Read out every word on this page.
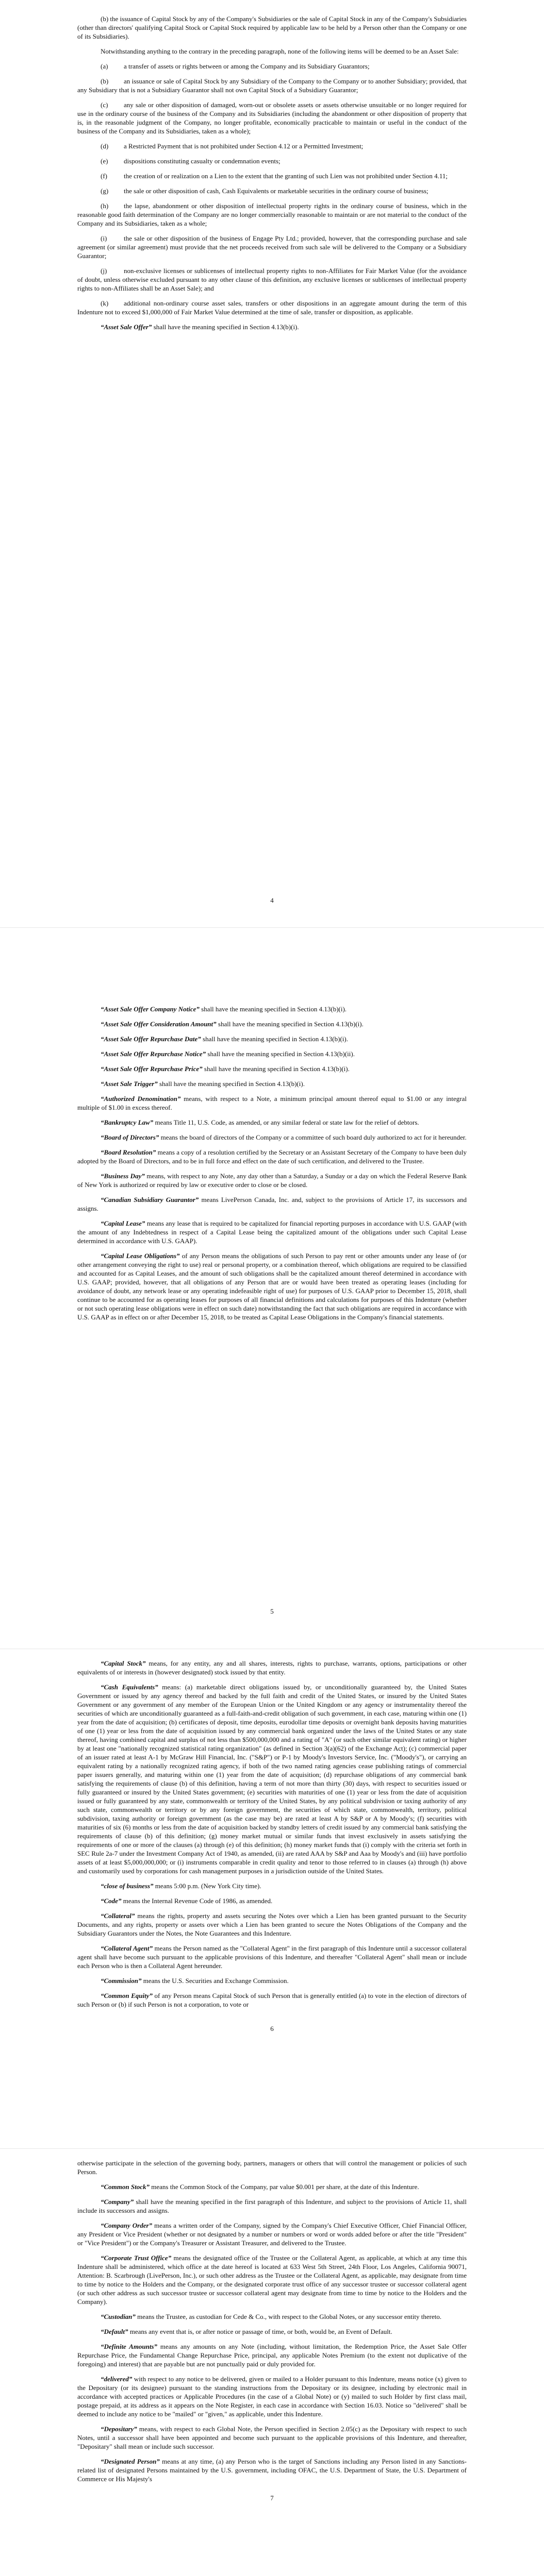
(b) the issuance of Capital Stock by any of the Company's Subsidiaries or the sale of Capital Stock in any of the Company's Subsidiaries (other than directors' qualifying Capital Stock or Capital Stock required by applicable law to be held by a Person other than the Company or one of its Subsidiaries).

Notwithstanding anything to the contrary in the preceding paragraph, none of the following items will be deemed to be an Asset Sale:

(a) a transfer of assets or rights between or among the Company and its Subsidiary Guarantors;

(b) an issuance or sale of Capital Stock by any Subsidiary of the Company to the Company or to another Subsidiary; provided, that any Subsidiary that is not a Subsidiary Guarantor shall not own Capital Stock of a Subsidiary Guarantor;

(c) any sale or other disposition of damaged, worn-out or obsolete assets or assets otherwise unsuitable or no longer required for use in the ordinary course of the business of the Company and its Subsidiaries (including the abandonment or other disposition of property that is, in the reasonable judgment of the Company, no longer profitable, economically practicable to maintain or useful in the conduct of the business of the Company and its Subsidiaries, taken as a whole);

(d) a Restricted Payment that is not prohibited under Section 4.12 or a Permitted Investment;

(e) dispositions constituting casualty or condemnation events;

(f) the creation of or realization on a Lien to the extent that the granting of such Lien was not prohibited under Section 4.11;

(g) the sale or other disposition of cash, Cash Equivalents or marketable securities in the ordinary course of business;

(h) the lapse, abandonment or other disposition of intellectual property rights in the ordinary course of business, which in the reasonable good faith determination of the Company are no longer commercially reasonable to maintain or are not material to the conduct of the Company and its Subsidiaries, taken as a whole;

(i)	the sale or other disposition of the business of Engage Pty Ltd.; provided, however, that the corresponding purchase and sale agreement (or similar agreement) must provide that the net proceeds received from such sale will be delivered to the Company or a Subsidiary Guarantor;

(j)	non-exclusive licenses or sublicenses of intellectual property rights to non-Affiliates for Fair Market Value (for the avoidance of doubt, unless otherwise excluded pursuant to any other clause of this definition, any exclusive licenses or sublicenses of intellectual property rights to non-Affiliates shall be an Asset Sale); and

(k) additional non-ordinary course asset sales, transfers or other dispositions in an aggregate amount during the term of this Indenture not to exceed $1,000,000 of Fair Market Value determined at the time of sale, transfer or disposition, as applicable.

“Asset Sale Offer” shall have the meaning specified in Section 4.13(b)(i).

4

“Asset Sale Offer Company Notice” shall have the meaning specified in Section 4.13(b)(i).

“Asset Sale Offer Consideration Amount” shall have the meaning specified in Section 4.13(b)(i).

“Asset Sale Offer Repurchase Date” shall have the meaning specified in Section 4.13(b)(i).

“Asset Sale Offer Repurchase Notice” shall have the meaning specified in Section 4.13(b)(ii).

“Asset Sale Offer Repurchase Price” shall have the meaning specified in Section 4.13(b)(i).

“Asset Sale Trigger” shall have the meaning specified in Section 4.13(b)(i).

“Authorized Denomination” means, with respect to a Note, a minimum principal amount thereof equal to $1.00 or any integral multiple of $1.00 in excess thereof.

“Bankruptcy Law” means Title 11, U.S. Code, as amended, or any similar federal or state law for the relief of debtors.

“Board of Directors” means the board of directors of the Company or a committee of such board duly authorized to act for it hereunder.

“Board Resolution” means a copy of a resolution certified by the Secretary or an Assistant Secretary of the Company to have been duly adopted by the Board of Directors, and to be in full force and effect on the date of such certification, and delivered to the Trustee.

“Business Day” means, with respect to any Note, any day other than a Saturday, a Sunday or a day on which the Federal Reserve Bank of New York is authorized or required by law or executive order to close or be closed.

“Canadian Subsidiary Guarantor” means LivePerson Canada, Inc. and, subject to the provisions of Article 17, its successors and assigns.

“Capital Lease” means any lease that is required to be capitalized for financial reporting purposes in accordance with U.S. GAAP (with the amount of any Indebtedness in respect of a Capital Lease being the capitalized amount of the obligations under such Capital Lease determined in accordance with U.S. GAAP).

“Capital Lease Obligations” of any Person means the obligations of such Person to pay rent or other amounts under any lease of (or other arrangement conveying the right to use) real or personal property, or a combination thereof, which obligations are required to be classified and accounted for as Capital Leases, and the amount of such obligations shall be the capitalized amount thereof determined in accordance with U.S. GAAP; provided, however, that all obligations of any Person that are or would have been treated as operating leases (including for avoidance of doubt, any network lease or any operating indefeasible right of use) for purposes of U.S. GAAP prior to December 15, 2018, shall continue to be accounted for as operating leases for purposes of all financial definitions and calculations for purposes of this Indenture (whether or not such operating lease obligations were in effect on such date) notwithstanding the fact that such obligations are required in accordance with U.S. GAAP as in effect on or after December 15, 2018, to be treated as Capital Lease Obligations in the Company's financial statements.

5

“Capital Stock” means, for any entity, any and all shares, interests, rights to purchase, warrants, options, participations or other equivalents of or interests in (however designated) stock issued by that entity.

“Cash Equivalents” means: (a) marketable direct obligations issued by, or unconditionally guaranteed by, the United States Government or issued by any agency thereof and backed by the full faith and credit of the United States, or insured by the United States Government or any government of any member of the European Union or the United Kingdom or any agency or instrumentality thereof the securities of which are unconditionally guaranteed as a full-faith-and-credit obligation of such government, in each case, maturing within one (1) year from the date of acquisition; (b) certificates of deposit, time deposits, eurodollar time deposits or overnight bank deposits having maturities of one (1) year or less from the date of acquisition issued by any commercial bank organized under the laws of the United States or any state thereof, having combined capital and surplus of not less than $500,000,000 and a rating of "A" (or such other similar equivalent rating) or higher by at least one "nationally recognized statistical rating organization" (as defined in Section 3(a)(62) of the Exchange Act); (c) commercial paper of an issuer rated at least A-1 by McGraw Hill Financial, Inc. ("S&P") or P-1 by Moody's Investors Service, Inc. ("Moody's"), or carrying an equivalent rating by a nationally recognized rating agency, if both of the two named rating agencies cease publishing ratings of commercial paper issuers generally, and maturing within one (1) year from the date of acquisition; (d) repurchase obligations of any commercial bank satisfying the requirements of clause (b) of this definition, having a term of not more than thirty (30) days, with respect to securities issued or fully guaranteed or insured by the United States government; (e) securities with maturities of one (1) year or less from the date of acquisition issued or fully guaranteed by any state, commonwealth or territory of the United States, by any political subdivision or taxing authority of any such state, commonwealth or territory or by any foreign government, the securities of which state, commonwealth, territory, political subdivision, taxing authority or foreign government (as the case may be) are rated at least A by S&P or A by Moody's; (f) securities with maturities of six (6) months or less from the date of acquisition backed by standby letters of credit issued by any commercial bank satisfying the requirements of clause (b) of this definition; (g) money market mutual or similar funds that invest exclusively in assets satisfying the requirements of one or more of the clauses (a) through (e) of this definition; (h) money market funds that (i) comply with the criteria set forth in SEC Rule 2a-7 under the Investment Company Act of 1940, as amended, (ii) are rated AAA by S&P and Aaa by Moody's and (iii) have portfolio assets of at least $5,000,000,000; or (i) instruments comparable in credit quality and tenor to those referred to in clauses (a) through (h) above and customarily used by corporations for cash management purposes in a jurisdiction outside of the United States.

“close of business” means 5:00 p.m. (New York City time).

“Code” means the Internal Revenue Code of 1986, as amended.

“Collateral” means the rights, property and assets securing the Notes over which a Lien has been granted pursuant to the Security Documents, and any rights, property or assets over which a Lien has been granted to secure the Notes Obligations of the Company and the Subsidiary Guarantors under the Notes, the Note Guarantees and this Indenture.

“Collateral Agent” means the Person named as the "Collateral Agent" in the first paragraph of this Indenture until a successor collateral agent shall have become such pursuant to the applicable provisions of this Indenture, and thereafter "Collateral Agent" shall mean or include each Person who is then a Collateral Agent hereunder.

“Commission” means the U.S. Securities and Exchange Commission.

“Common Equity” of any Person means Capital Stock of such Person that is generally entitled (a) to vote in the election of directors of such Person or (b) if such Person is not a corporation, to vote or

6

otherwise participate in the selection of the governing body, partners, managers or others that will control the management or policies of such Person.

“Common Stock” means the Common Stock of the Company, par value $0.001 per share, at the date of this Indenture.

“Company” shall have the meaning specified in the first paragraph of this Indenture, and subject to the provisions of Article 11, shall include its successors and assigns.

“Company Order” means a written order of the Company, signed by the Company's Chief Executive Officer, Chief Financial Officer, any President or Vice President (whether or not designated by a number or numbers or word or words added before or after the title "President" or "Vice President") or the Company's Treasurer or Assistant Treasurer, and delivered to the Trustee.

“Corporate Trust Office” means the designated office of the Trustee or the Collateral Agent, as applicable, at which at any time this Indenture shall be administered, which office at the date hereof is located at 633 West 5th Street, 24th Floor, Los Angeles, California 90071, Attention: B. Scarbrough (LivePerson, Inc.), or such other address as the Trustee or the Collateral Agent, as applicable, may designate from time to time by notice to the Holders and the Company, or the designated corporate trust office of any successor trustee or successor collateral agent (or such other address as such successor trustee or successor collateral agent may designate from time to time by notice to the Holders and the Company).

“Custodian” means the Trustee, as custodian for Cede & Co., with respect to the Global Notes, or any successor entity thereto.

“Default” means any event that is, or after notice or passage of time, or both, would be, an Event of Default.

“Definite Amounts” means any amounts on any Note (including, without limitation, the Redemption Price, the Asset Sale Offer Repurchase Price, the Fundamental Change Repurchase Price, principal, any applicable Notes Premium (to the extent not duplicative of the foregoing) and interest) that are payable but are not punctually paid or duly provided for.

“delivered” with respect to any notice to be delivered, given or mailed to a Holder pursuant to this Indenture, means notice (x) given to the Depositary (or its designee) pursuant to the standing instructions from the Depositary or its designee, including by electronic mail in accordance with accepted practices or Applicable Procedures (in the case of a Global Note) or (y) mailed to such Holder by first class mail, postage prepaid, at its address as it appears on the Note Register, in each case in accordance with Section 16.03. Notice so "delivered" shall be deemed to include any notice to be "mailed" or "given," as applicable, under this Indenture.

“Depositary” means, with respect to each Global Note, the Person specified in Section 2.05(c) as the Depositary with respect to such Notes, until a successor shall have been appointed and become such pursuant to the applicable provisions of this Indenture, and thereafter, "Depositary" shall mean or include such successor.

“Designated Person” means at any time, (a) any Person who is the target of Sanctions including any Person listed in any Sanctions-related list of designated Persons maintained by the U.S. government, including OFAC, the U.S. Department of State, the U.S. Department of Commerce or His Majesty's

7
